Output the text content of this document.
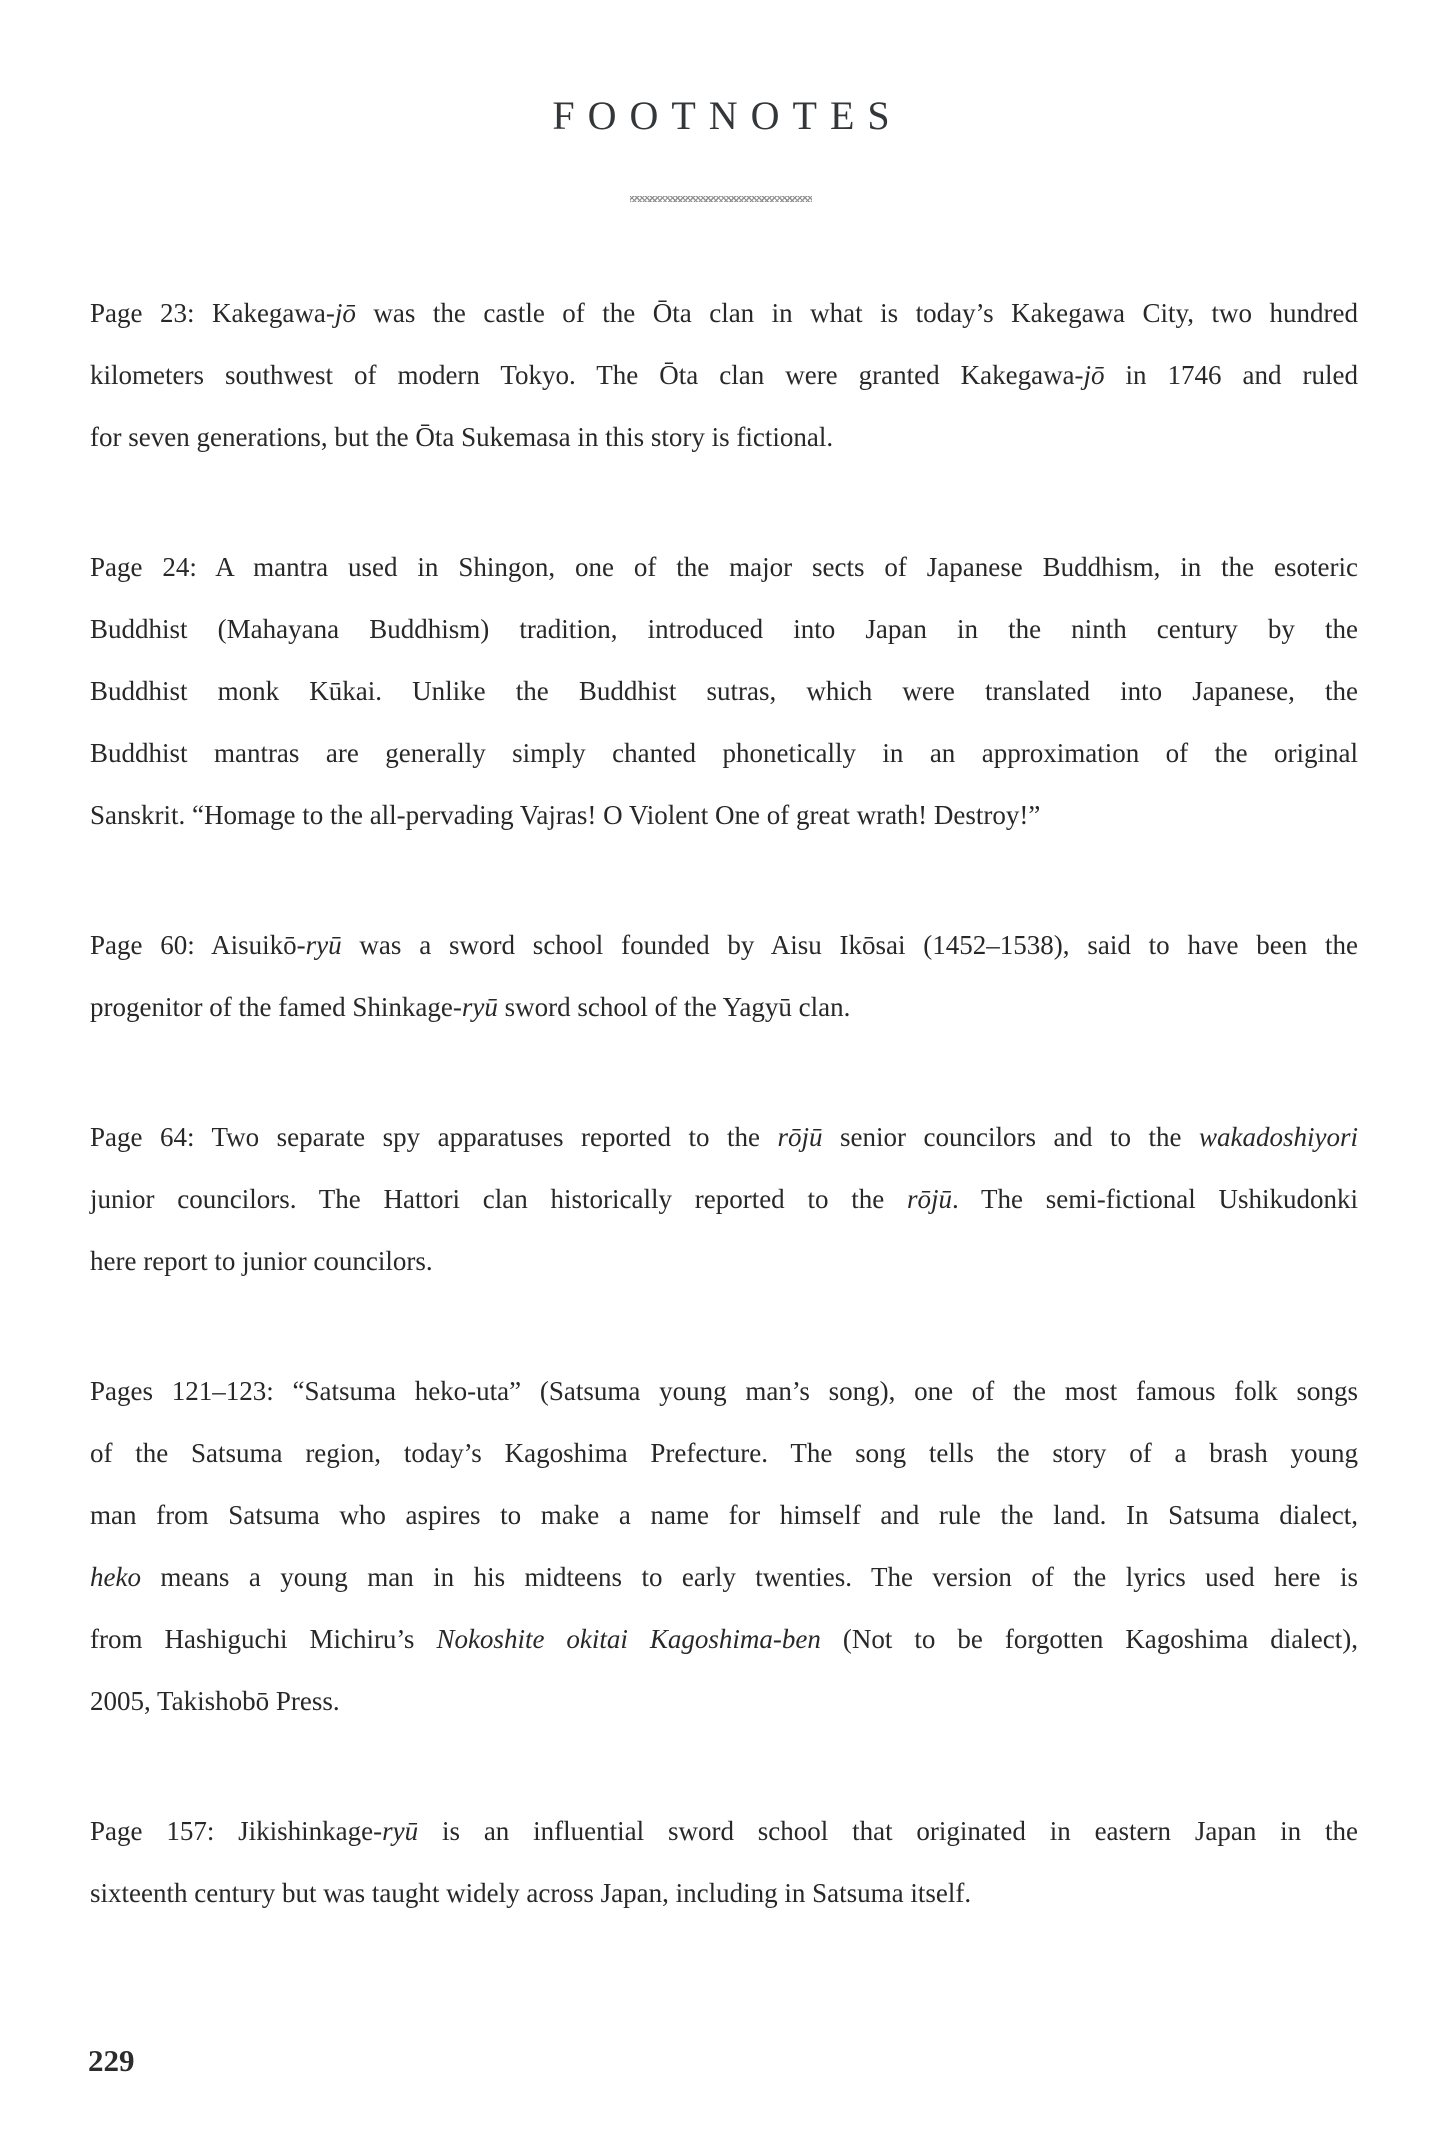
FOOTNOTES
Page 23: Kakegawa-jō was the castle of the Ōta clan in what is today’s Kakegawa City, two hundred
kilometers southwest of modern Tokyo. The Ōta clan were granted Kakegawa-jō in 1746 and ruled
for seven generations, but the Ōta Sukemasa in this story is fictional.
Page 24: A mantra used in Shingon, one of the major sects of Japanese Buddhism, in the esoteric
Buddhist (Mahayana Buddhism) tradition, introduced into Japan in the ninth century by the
Buddhist monk Kūkai. Unlike the Buddhist sutras, which were translated into Japanese, the
Buddhist mantras are generally simply chanted phonetically in an approximation of the original
Sanskrit. “Homage to the all-pervading Vajras! O Violent One of great wrath! Destroy!”
Page 60: Aisuikō-ryū was a sword school founded by Aisu Ikōsai (1452–1538), said to have been the
progenitor of the famed Shinkage-ryū sword school of the Yagyū clan.
Page 64: Two separate spy apparatuses reported to the rōjū senior councilors and to the wakadoshiyori
junior councilors. The Hattori clan historically reported to the rōjū. The semi-fictional Ushikudonki
here report to junior councilors.
Pages 121–123: “Satsuma heko-uta” (Satsuma young man’s song), one of the most famous folk songs
of the Satsuma region, today’s Kagoshima Prefecture. The song tells the story of a brash young
man from Satsuma who aspires to make a name for himself and rule the land. In Satsuma dialect,
heko means a young man in his midteens to early twenties. The version of the lyrics used here is
from Hashiguchi Michiru’s Nokoshite okitai Kagoshima-ben (Not to be forgotten Kagoshima dialect),
2005, Takishobō Press.
Page 157: Jikishinkage-ryū is an influential sword school that originated in eastern Japan in the
sixteenth century but was taught widely across Japan, including in Satsuma itself.
229
